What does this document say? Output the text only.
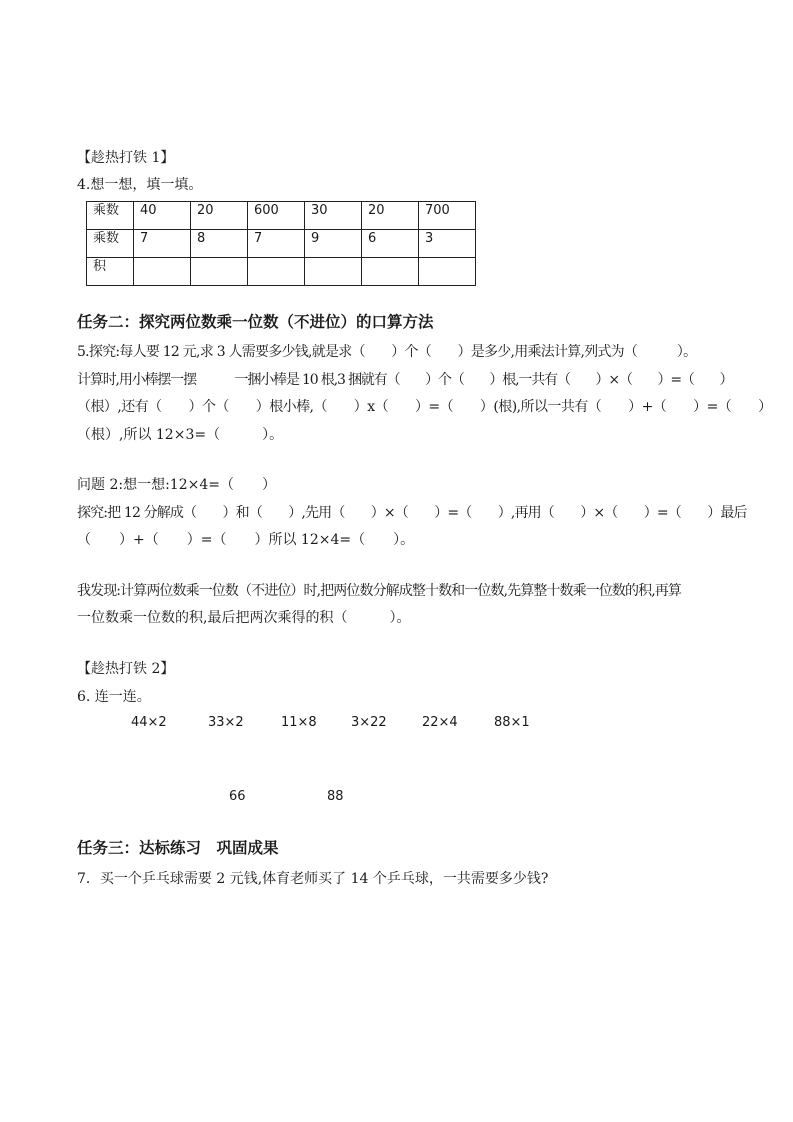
【趁热打铁 1】
4.想一想，填一填。
乘数	40	20	600	30	20	700
乘数	7	8	7	9	6	3
积						
任务二：探究两位数乘一位数（不进位）的口算方法
5.探究:每人要 12 元,求 3 人需要多少钱,就是求（　　）个（　　）是多少,用乘法计算,列式为（　　　）。
计算时,用小棒摆一摆　　　一捆小棒是 10 根,3 捆就有（　　）个（　　）根,一共有（　　）×（　　）=（　　）
（根）,还有（　　）个（　　）根小棒,（　　）x（　　）=（　　）(根),所以一共有（　　）+（　　）=（　　）
（根）,所以 12×3=（　　　）。
问题 2:想一想:12×4=（　　）
探究:把 12 分解成（　　）和（　　）,先用（　　）×（　　）=（　　）,再用（　　）×（　　）=（　　）最后
（　　）+（　　）=（　　）所以 12×4=（　　）。
我发现:计算两位数乘一位数（不进位）时,把两位数分解成整十数和一位数,先算整十数乘一位数的积,再算
一位数乘一位数的积,最后把两次乘得的积（　　　）。
【趁热打铁 2】
6. 连一连。
44×2	33×2	11×8	3×22	22×4	88×1
66	88
任务三：达标练习　巩固成果
7．买一个乒乓球需要 2 元钱,体育老师买了 14 个乒乓球，一共需要多少钱?
